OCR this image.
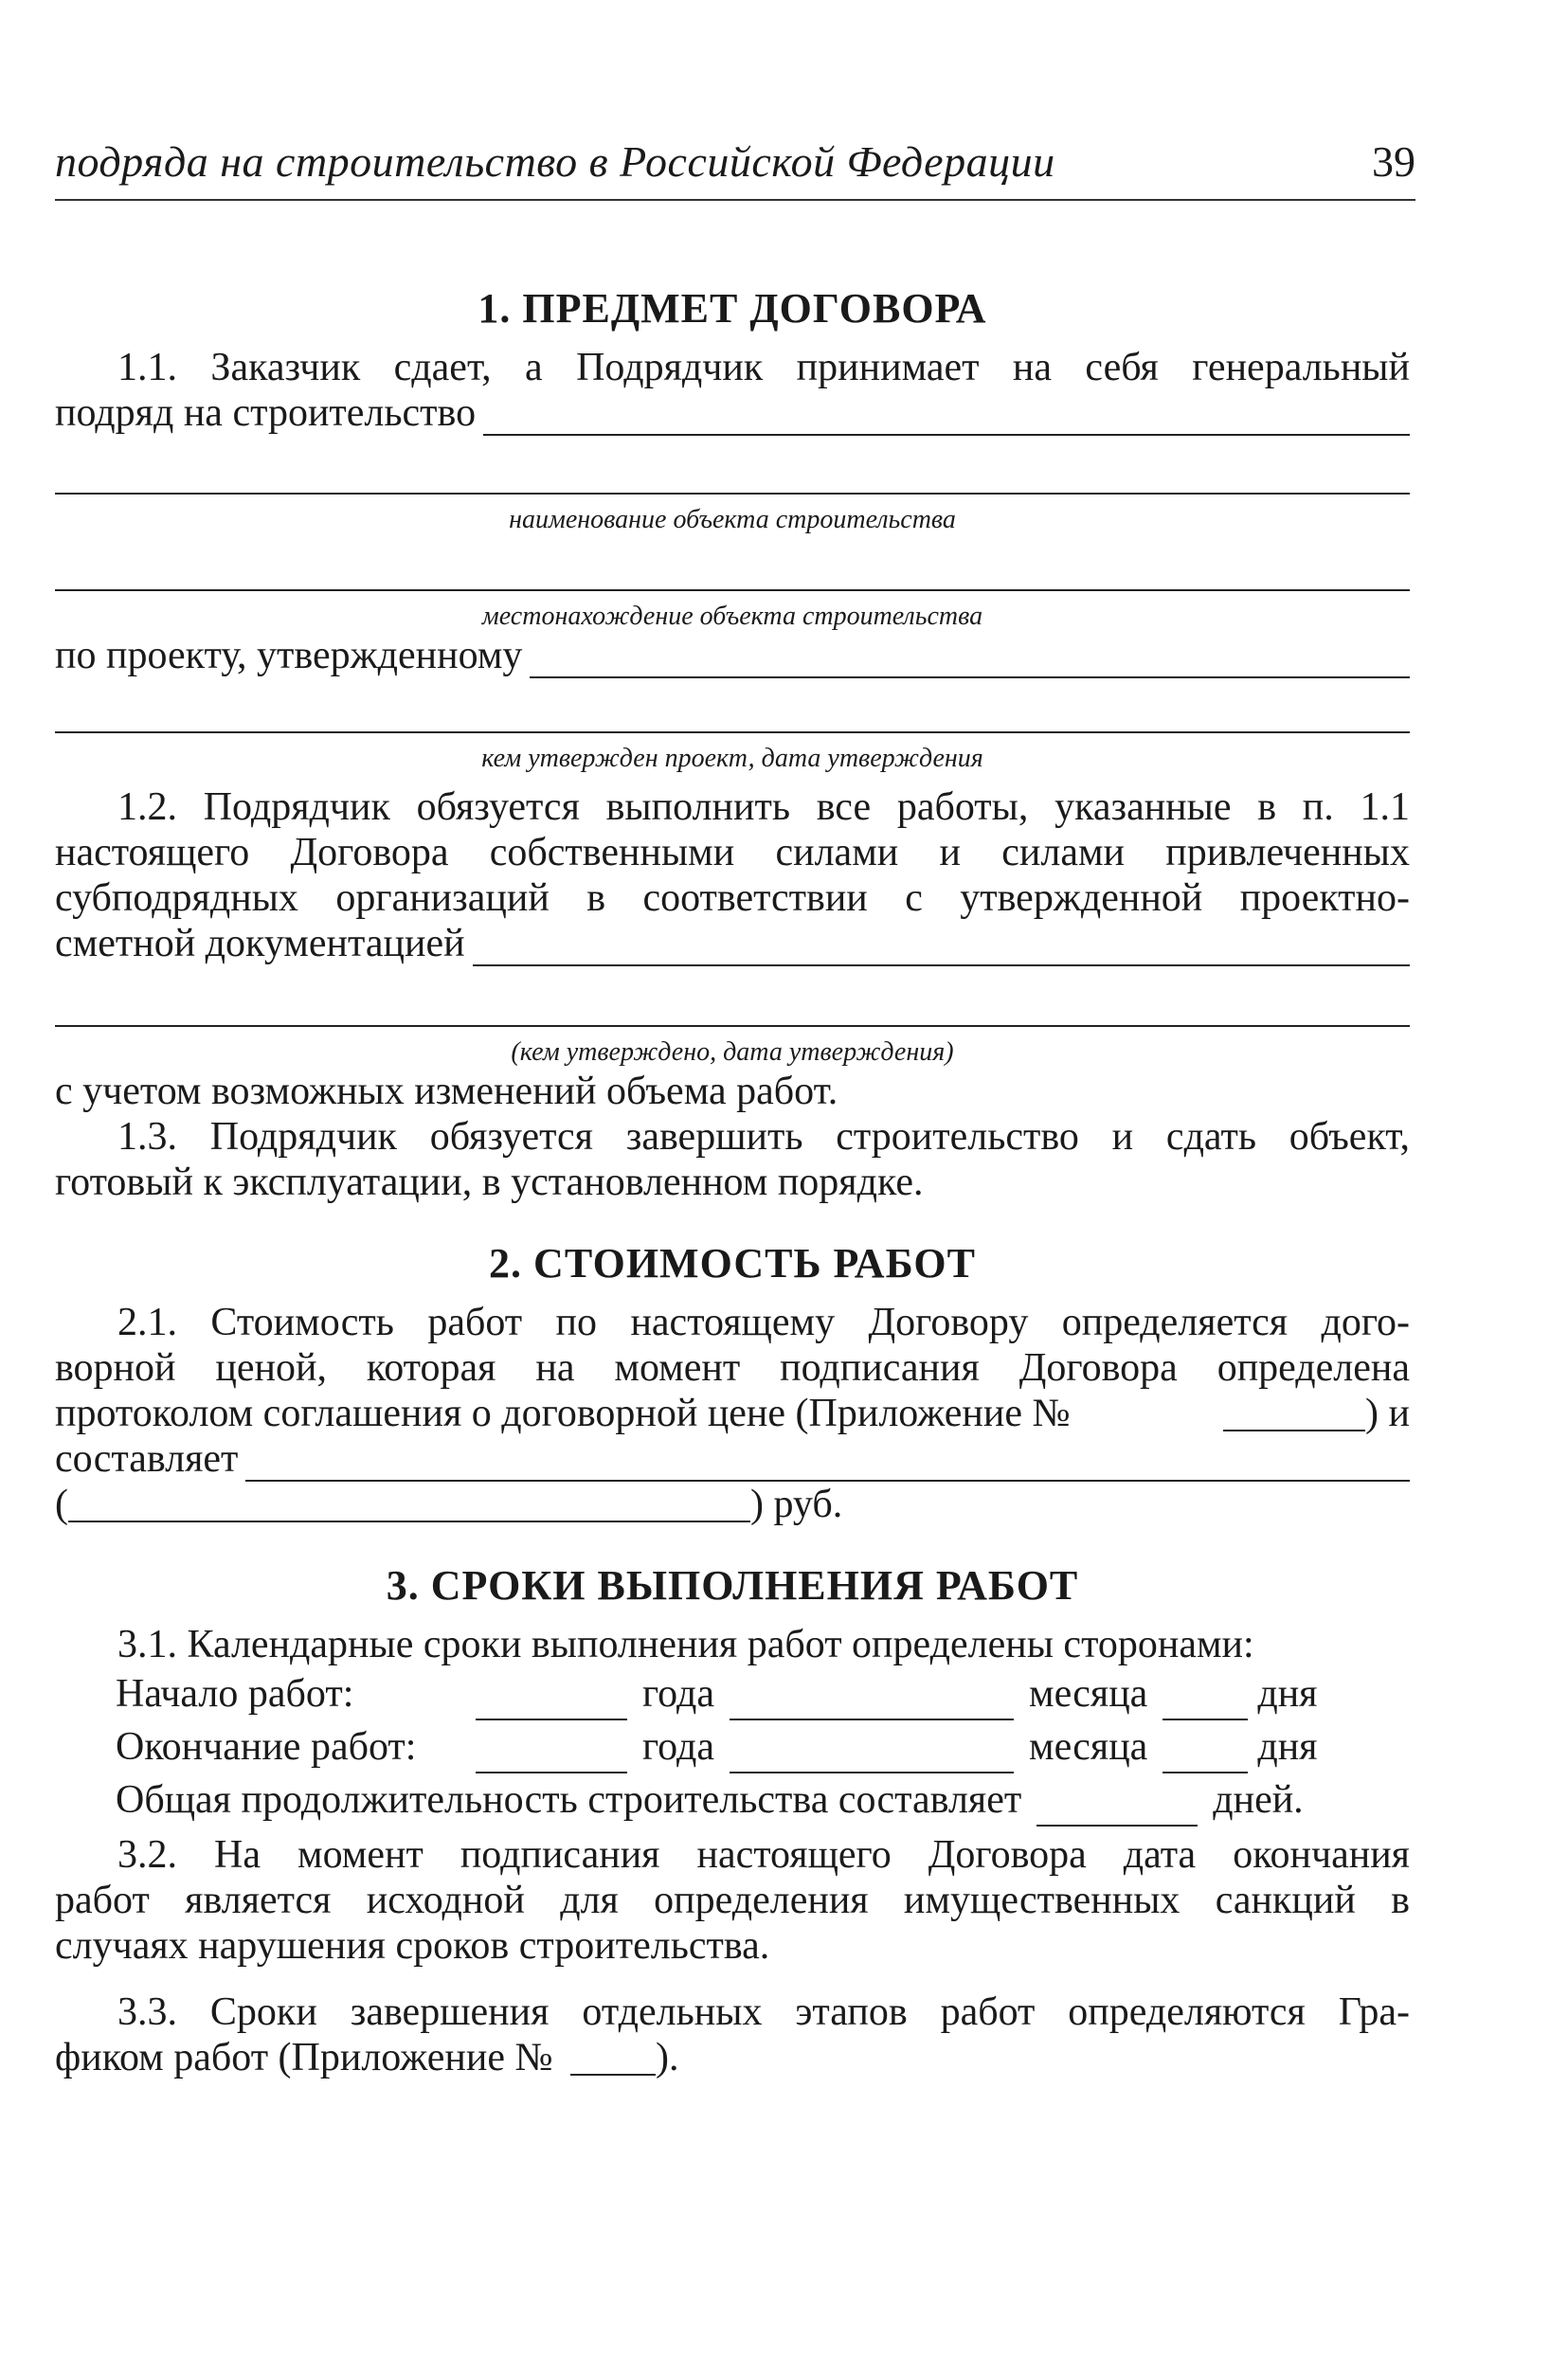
подряда на строительство в Российской Федерации	39
1. ПРЕДМЕТ ДОГОВОРА

1.1. Заказчик сдает, а Подрядчик принимает на себя генеральный

подряд на строительство
наименование объекта строительства
местонахождение объекта строительства
по проекту, утвержденному
кем утвержден проект, дата утверждения

1.2. Подрядчик обязуется выполнить все работы, указанные в п. 1.1

настоящего Договора собственными силами и силами привлеченных

субподрядных организаций в соответствии с утвержденной проектно-

сметной документацией
(кем утверждено, дата утверждения)

с учетом возможных изменений объема работ.

1.3. Подрядчик обязуется завершить строительство и сдать объект,

готовый к эксплуатации, в установленном порядке.

2. СТОИМОСТЬ РАБОТ

2.1. Стоимость работ по настоящему Договору определяется дого-

ворной ценой, которая на момент подписания Договора определена

протоколом соглашения о договорной цене (Приложение №	) и
составляет
(	) руб.
3. СРОКИ ВЫПОЛНЕНИЯ РАБОТ

3.1. Календарные сроки выполнения работ определены сторонами:

Начало работ:	года	месяца	дня
Окончание работ:	года	месяца	дня
Общая продолжительность строительства составляет	дней.

3.2. На момент подписания настоящего Договора дата окончания

работ является исходной для определения имущественных санкций в

случаях нарушения сроков строительства.

3.3. Сроки завершения отдельных этапов работ определяются Гра-

фиком работ (Приложение №	).
